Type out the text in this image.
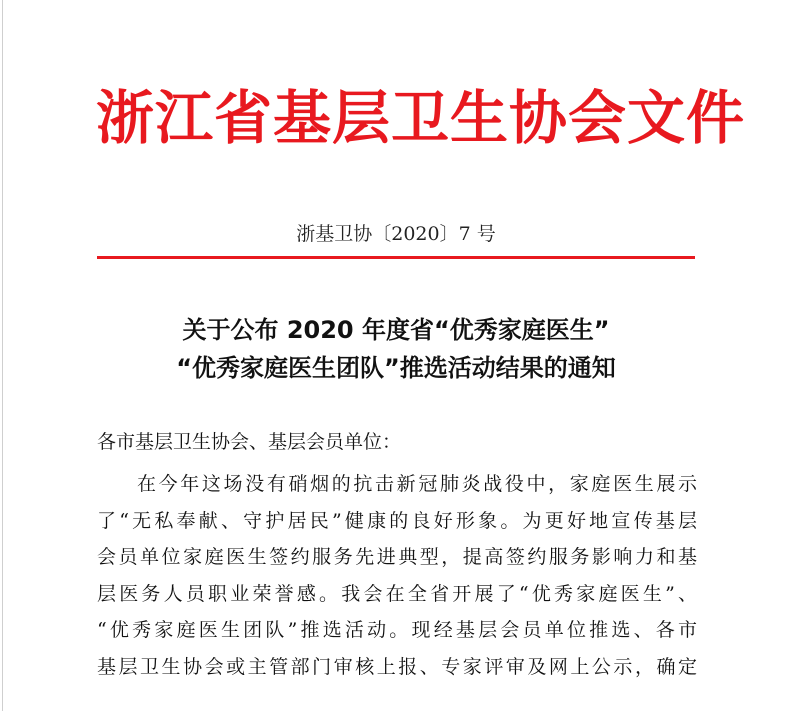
浙江省基层卫生协会文件
浙基卫协〔2020〕7 号
关于公布 2020 年度省“优秀家庭医生”
“优秀家庭医生团队”推选活动结果的通知
各市基层卫生协会、基层会员单位：
在今年这场没有硝烟的抗击新冠肺炎战役中，家庭医生展示
了“无私奉献、守护居民”健康的良好形象。为更好地宣传基层
会员单位家庭医生签约服务先进典型，提高签约服务影响力和基
层医务人员职业荣誉感。我会在全省开展了“优秀家庭医生”、
“优秀家庭医生团队”推选活动。现经基层会员单位推选、各市
基层卫生协会或主管部门审核上报、专家评审及网上公示，确定
